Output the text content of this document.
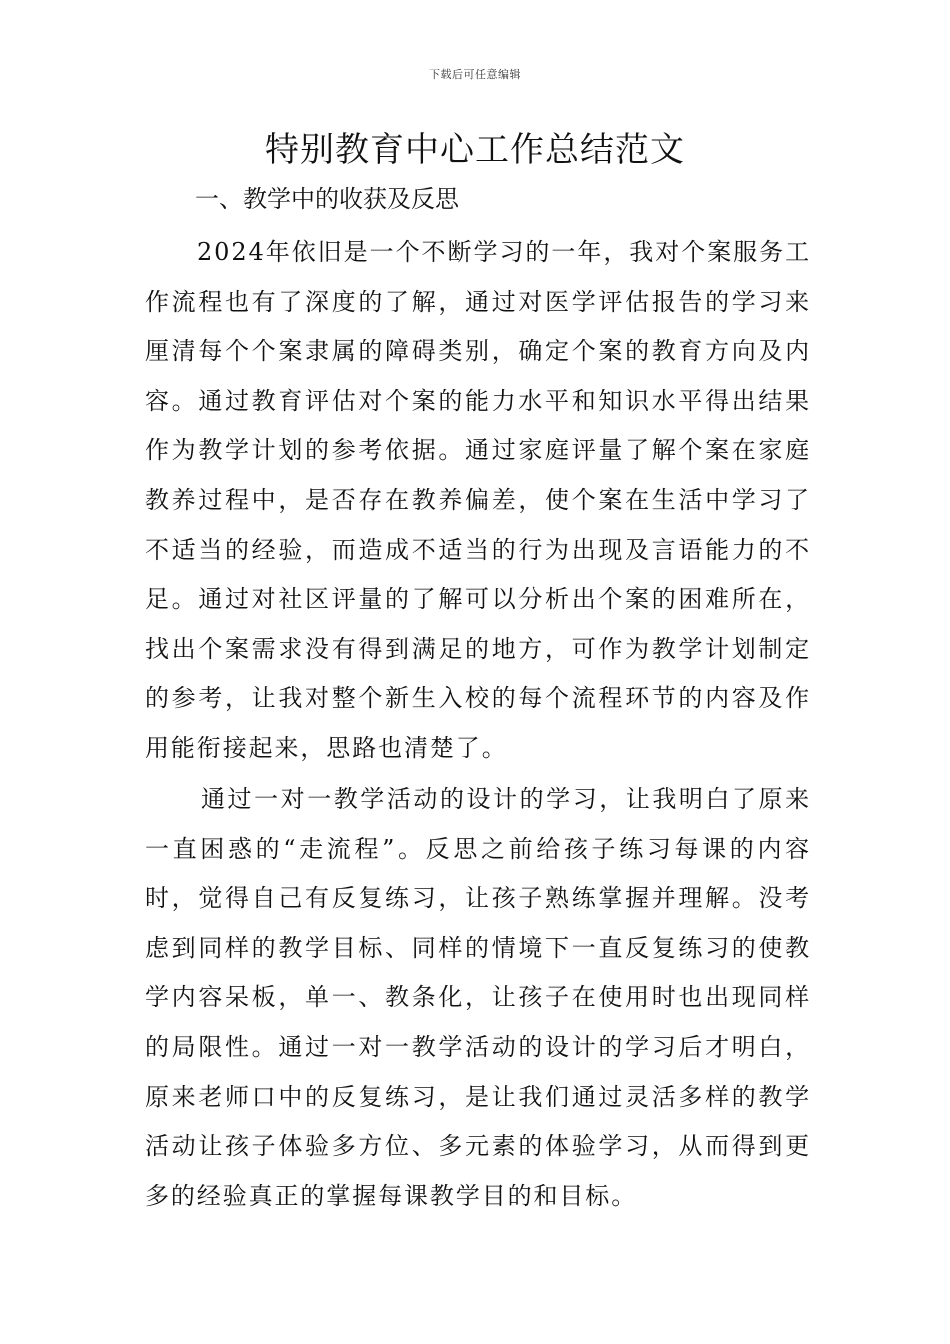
下载后可任意编辑
特别教育中心工作总结范文

一、教学中的收获及反思

2024年依旧是一个不断学习的一年，我对个案服务工作流程也有了深度的了解，通过对医学评估报告的学习来厘清每个个案隶属的障碍类别，确定个案的教育方向及内容。通过教育评估对个案的能力水平和知识水平得出结果作为教学计划的参考依据。通过家庭评量了解个案在家庭教养过程中，是否存在教养偏差，使个案在生活中学习了不适当的经验，而造成不适当的行为出现及言语能力的不足。通过对社区评量的了解可以分析出个案的困难所在，找出个案需求没有得到满足的地方，可作为教学计划制定的参考，让我对整个新生入校的每个流程环节的内容及作用能衔接起来，思路也清楚了。

通过一对一教学活动的设计的学习，让我明白了原来一直困惑的“走流程”。反思之前给孩子练习每课的内容时，觉得自己有反复练习，让孩子熟练掌握并理解。没考虑到同样的教学目标、同样的情境下一直反复练习的使教学内容呆板，单一、教条化，让孩子在使用时也出现同样的局限性。通过一对一教学活动的设计的学习后才明白，原来老师口中的反复练习，是让我们通过灵活多样的教学活动让孩子体验多方位、多元素的体验学习，从而得到更多的经验真正的掌握每课教学目的和目标。
